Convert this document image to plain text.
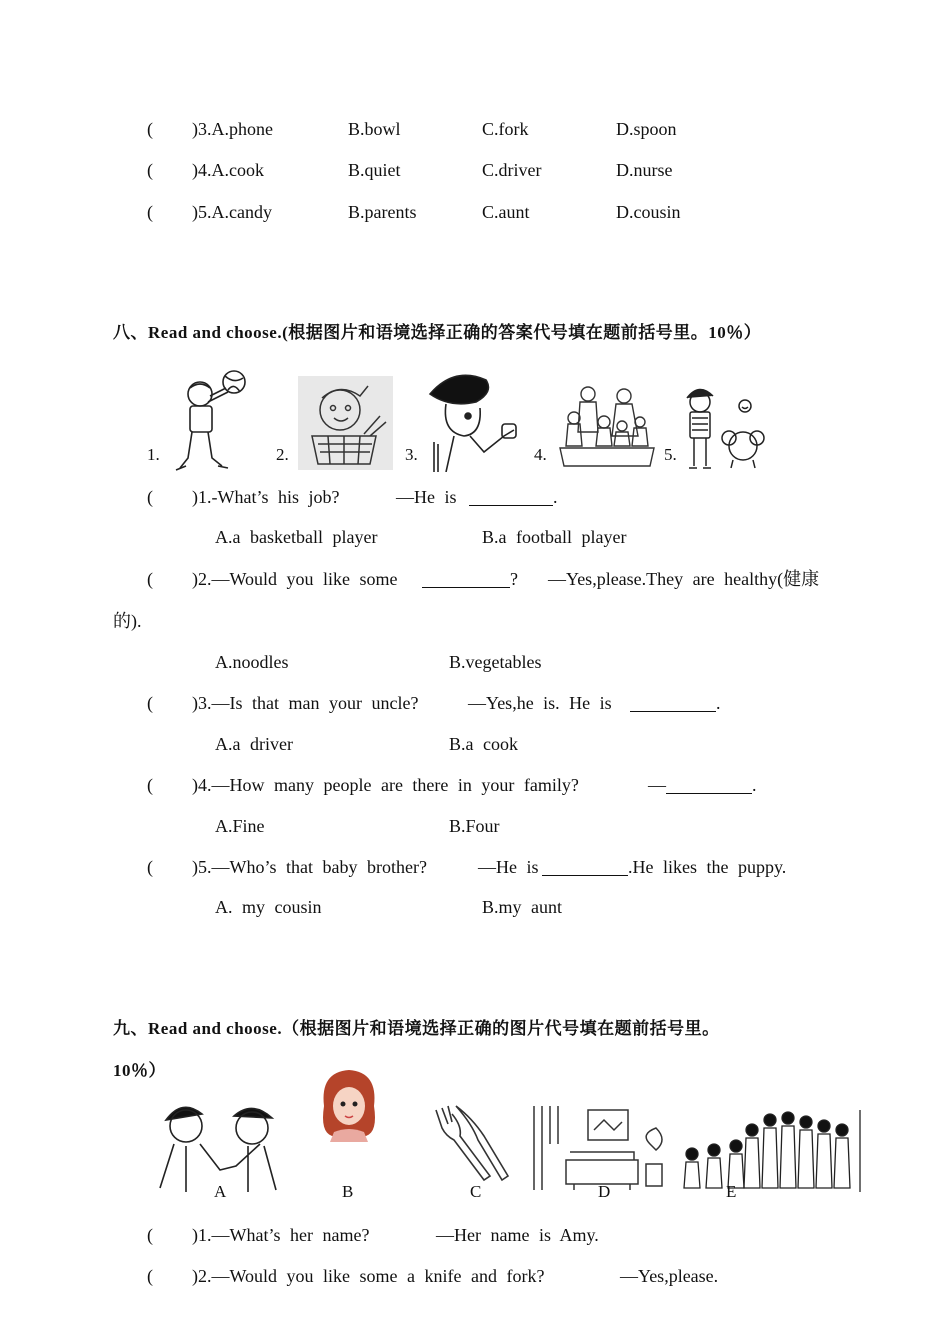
( )3.A.phone	B.bowl	C.fork	D.spoon
( )4.A.cook	B.quiet	C.driver	D.nurse
( )5.A.candy	B.parents	C.aunt	D.cousin
八、Read and choose.(根据图片和语境选择正确的答案代号填在题前括号里。10％）
1.	2.	3.	4.	5.
( )1.-What’s his job?	—He is	.
A.a basketball player	B.a football player
( )2.—Would you like some	? —Yes,please.They are healthy(健康
的).
A.noodles	B.vegetables
( )3.—Is that man your uncle?	—Yes,he is. He is	.
A.a driver	B.a cook
( )4.—How many people are there in your family?	—	.
A.Fine	B.Four
( )5.—Who’s that baby brother?	—He is	.He likes the puppy.
A. my cousin	B.my aunt
九、Read and choose.（根据图片和语境选择正确的图片代号填在题前括号里。
10％）
A	B	C	D	E
( )1.—What’s her name?	—Her name is Amy.
( )2.—Would you like some a knife and fork?	—Yes,please.
